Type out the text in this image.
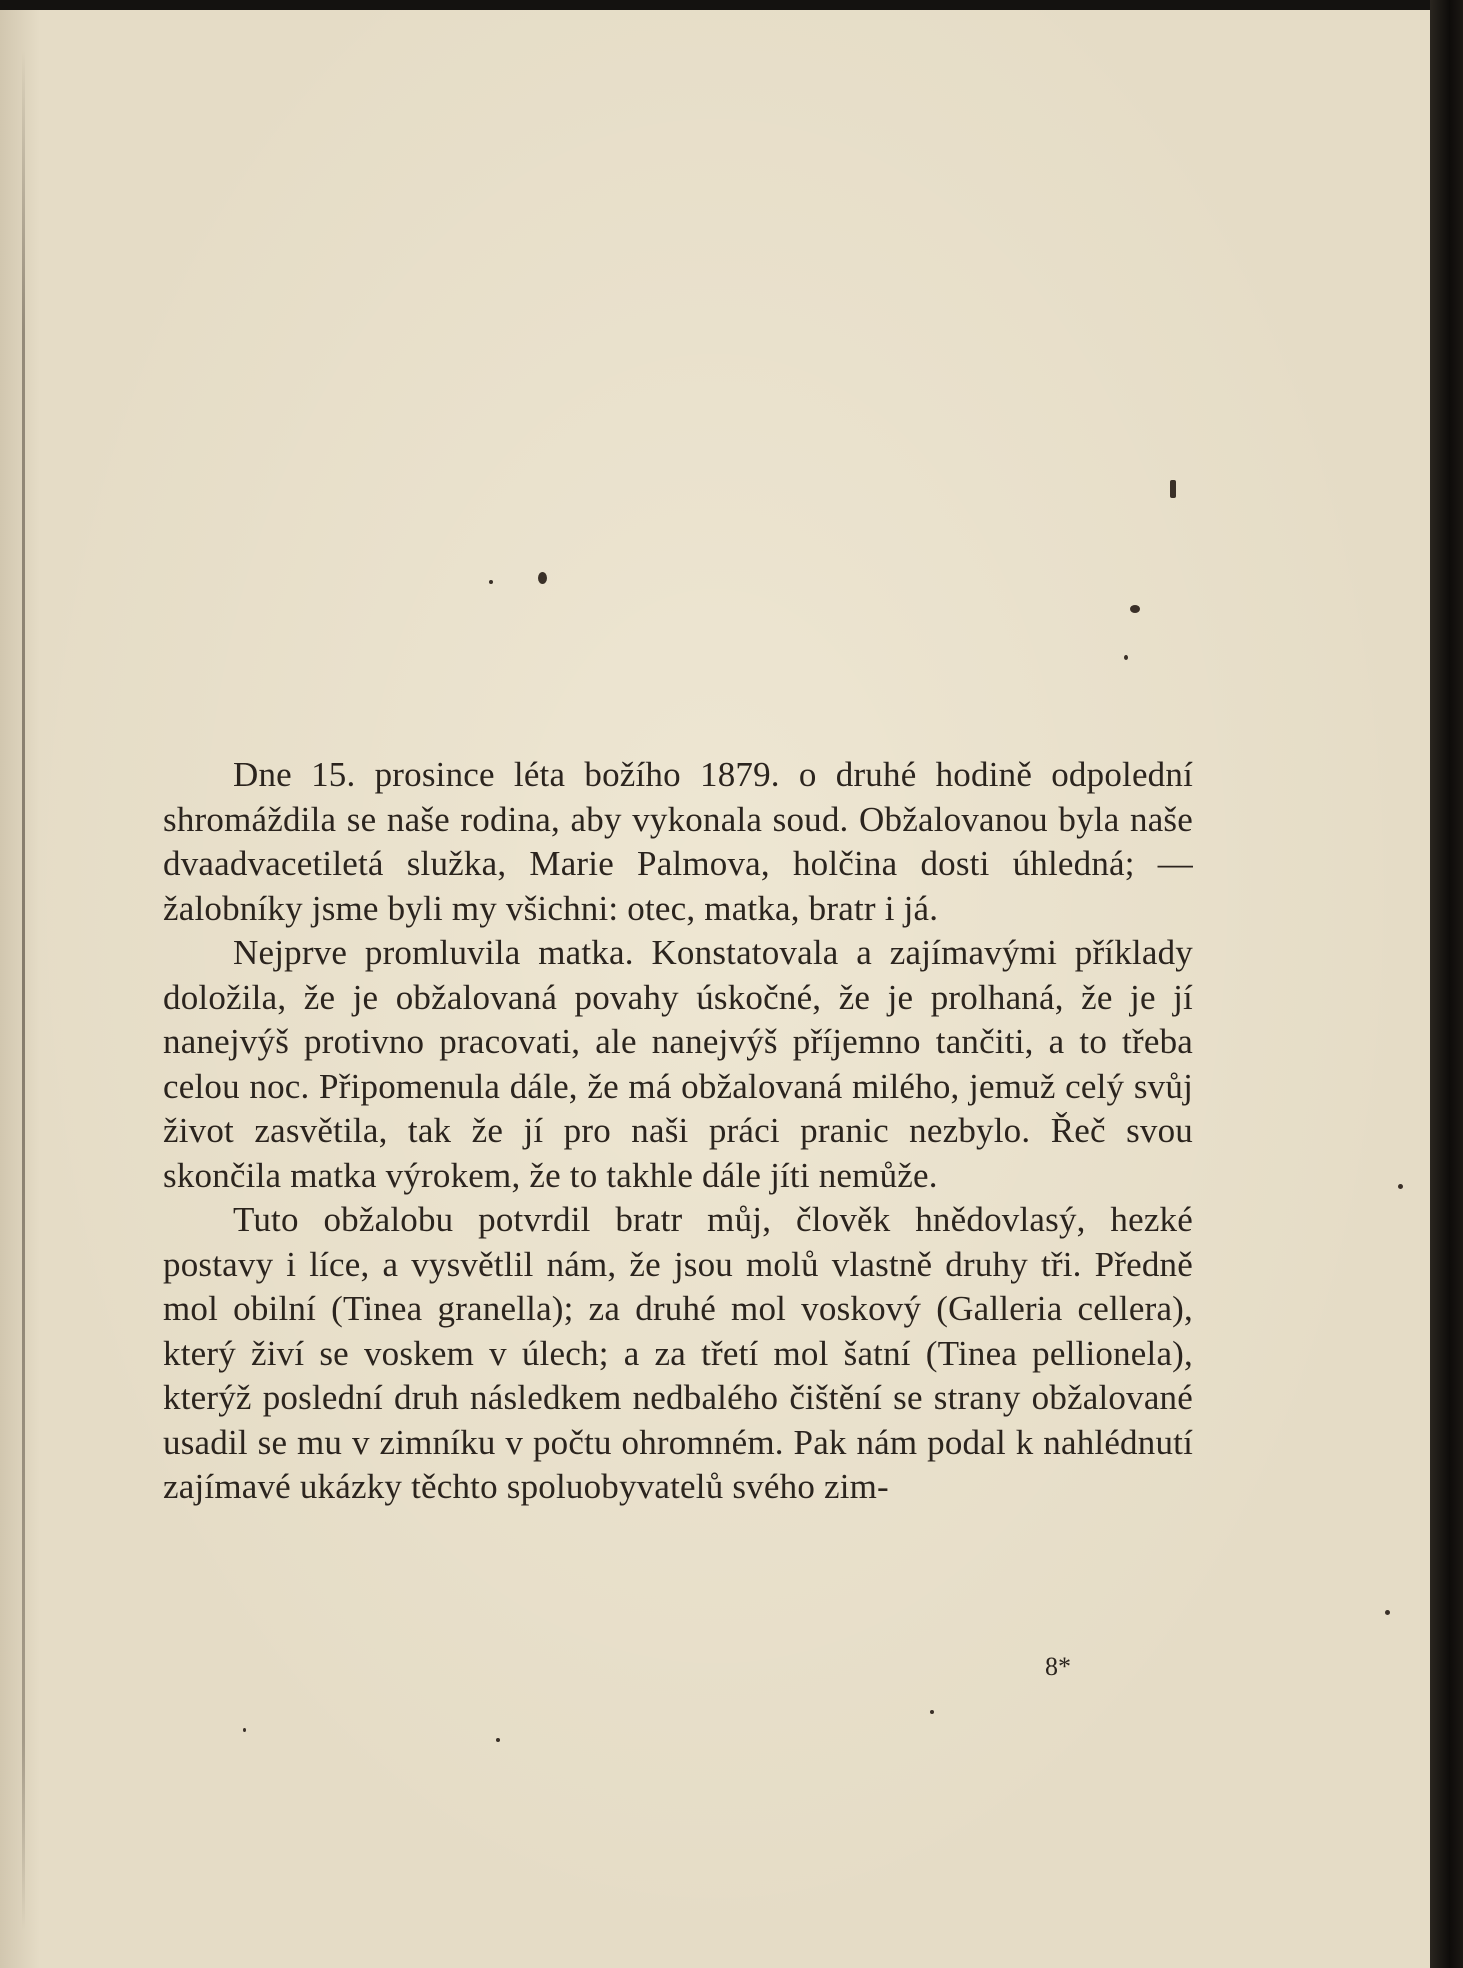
Dne 15. prosince léta božího 1879. o druhé hodině odpolední shromáždila se naše rodina, aby vykonala soud. Obžalovanou byla naše dvaadvacetiletá služka, Marie Palmova, holčina dosti úhledná; — žalobníky jsme byli my všichni: otec, matka, bratr i já.

Nejprve promluvila matka. Konstatovala a zajímavými příklady doložila, že je obžalovaná povahy úskočné, že je prolhaná, že je jí nanejvýš protivno pracovati, ale nanejvýš příjemno tančiti, a to třeba celou noc. Připomenula dále, že má obžalovaná milého, jemuž celý svůj život zasvětila, tak že jí pro naši práci pranic nezbylo. Řeč svou skončila matka výrokem, že to takhle dále jíti nemůže.

Tuto obžalobu potvrdil bratr můj, člověk hnědovlasý, hezké postavy i líce, a vysvětlil nám, že jsou molů vlastně druhy tři. Předně mol obilní (Tinea granella); za druhé mol voskový (Galleria cellera), který živí se voskem v úlech; a za třetí mol šatní (Tinea pellionela), kterýž poslední druh následkem nedbalého čištění se strany obžalované usadil se mu v zimníku v počtu ohromném. Pak nám podal k nahlédnutí zajímavé ukázky těchto spoluobyvatelů svého zim-

8*
